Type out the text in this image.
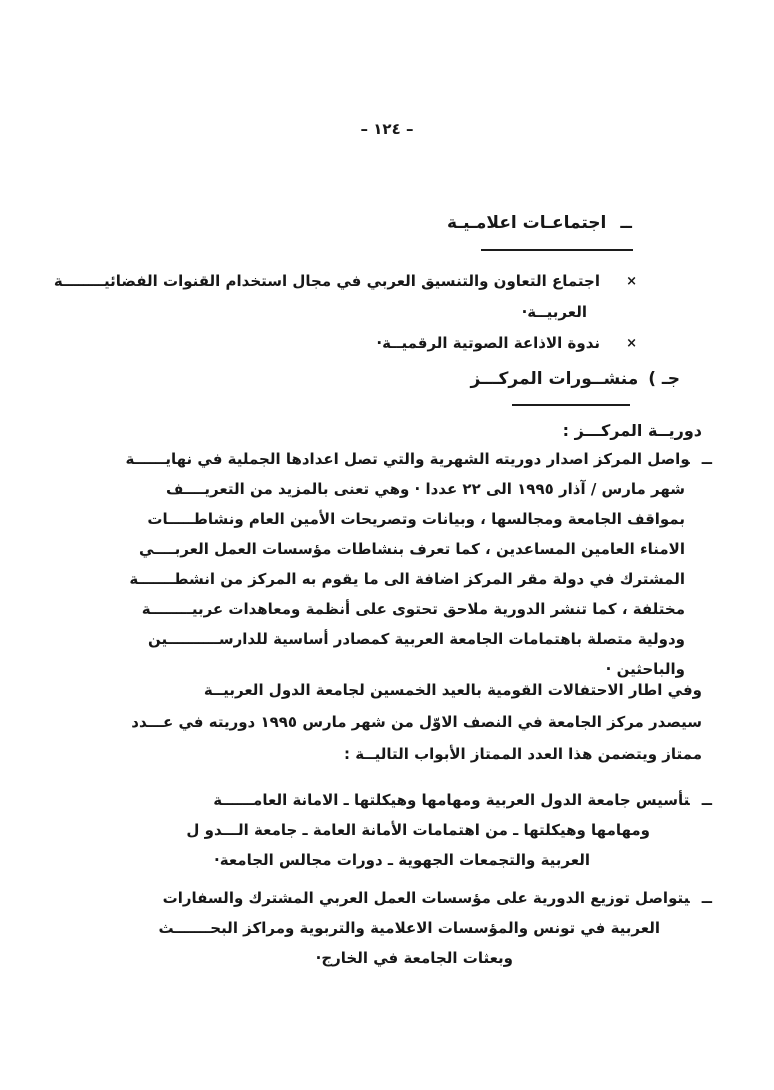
– ١٢٤ –
ــ
اجتماعـات اعلامـيـة
×
اجتماع التعاون والتنسيق العربي في مجال استخدام القنوات الفضائيــــــــة
العربيــة·
×
ندوة الاذاعة الصوتية الرقميــة·
جـ )
منشــورات المركـــز
دوريــة المركـــز :
ــواصل المركز اصدار دوريته الشهرية والتي تصل اعدادها الجملية في نهايــــــة
شهر مارس / آذار ١٩٩٥ الى ٢٢ عددا · وهي تعنى بالمزيد من التعريــــف
بمواقف الجامعة ومجالسها ، وبيانات وتصريحات الأمين العام ونشاطـــــات
الامناء العامين المساعدين ، كما تعرف بنشاطات مؤسسات العمل العربــــي
المشترك في دولة مقر المركز اضافة الى ما يقوم به المركز من انشطـــــــة
مختلفة ، كما تنشر الدورية ملاحق تحتوى على أنظمة ومعاهدات عربيــــــــة
ودولية متصلة باهتمامات الجامعة العربية كمصادر أساسية للدارســــــــــين
والباحثين ·
وفي اطار الاحتفالات القومية بالعيد الخمسين لجامعة الدول العربيــة
سيصدر مركز الجامعة في النصف الاوّل من شهر مارس ١٩٩٥ دوريته في عـــدد
ممتاز ويتضمن هذا العدد الممتاز الأبواب التاليــة :
ــتأسيس جامعة الدول العربية ومهامها وهيكلتها ـ الامانة العامــــــة
ومهامها وهيكلتها ـ من اهتمامات الأمانة العامة ـ جامعة الـــدو ل
العربية والتجمعات الجهوية ـ دورات مجالس الجامعة·
ــيتواصل توزيع الدورية على مؤسسات العمل العربي المشترك والسفارات
العربية في تونس والمؤسسات الاعلامية والتربوية ومراكز البحـــــــث
وبعثات الجامعة في الخارج·
